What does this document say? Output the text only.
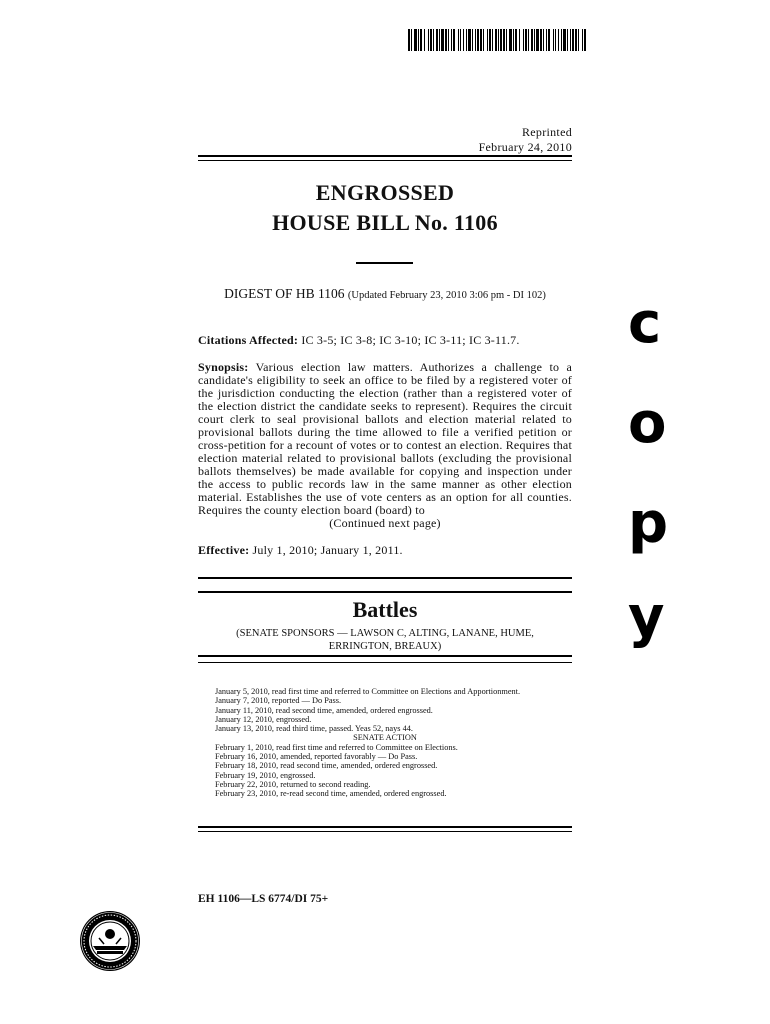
Reprinted
February 24, 2010
ENGROSSED
HOUSE BILL No. 1106
DIGEST OF HB 1106 (Updated February 23, 2010 3:06 pm - DI 102)
Citations Affected: IC 3-5; IC 3-8; IC 3-10; IC 3-11; IC 3-11.7.
Synopsis: Various election law matters. Authorizes a challenge to a candidate's eligibility to seek an office to be filed by a registered voter of the jurisdiction conducting the election (rather than a registered voter of the election district the candidate seeks to represent). Requires the circuit court clerk to seal provisional ballots and election material related to provisional ballots during the time allowed to file a verified petition or cross-petition for a recount of votes or to contest an election. Requires that election material related to provisional ballots (excluding the provisional ballots themselves) be made available for copying and inspection under the access to public records law in the same manner as other election material. Establishes the use of vote centers as an option for all counties. Requires the county election board (board) to
(Continued next page)
Effective: July 1, 2010; January 1, 2011.
c
o
p
y
Battles
(SENATE SPONSORS — LAWSON C, ALTING, LANANE, HUME, ERRINGTON, BREAUX)
January 5, 2010, read first time and referred to Committee on Elections and Apportionment.
January 7, 2010, reported — Do Pass.
January 11, 2010, read second time, amended, ordered engrossed.
January 12, 2010, engrossed.
January 13, 2010, read third time, passed. Yeas 52, nays 44.
SENATE ACTION
February 1, 2010, read first time and referred to Committee on Elections.
February 16, 2010, amended, reported favorably — Do Pass.
February 18, 2010, read second time, amended, ordered engrossed.
February 19, 2010, engrossed.
February 22, 2010, returned to second reading.
February 23, 2010, re-read second time, amended, ordered engrossed.
EH 1106—LS 6774/DI 75+
